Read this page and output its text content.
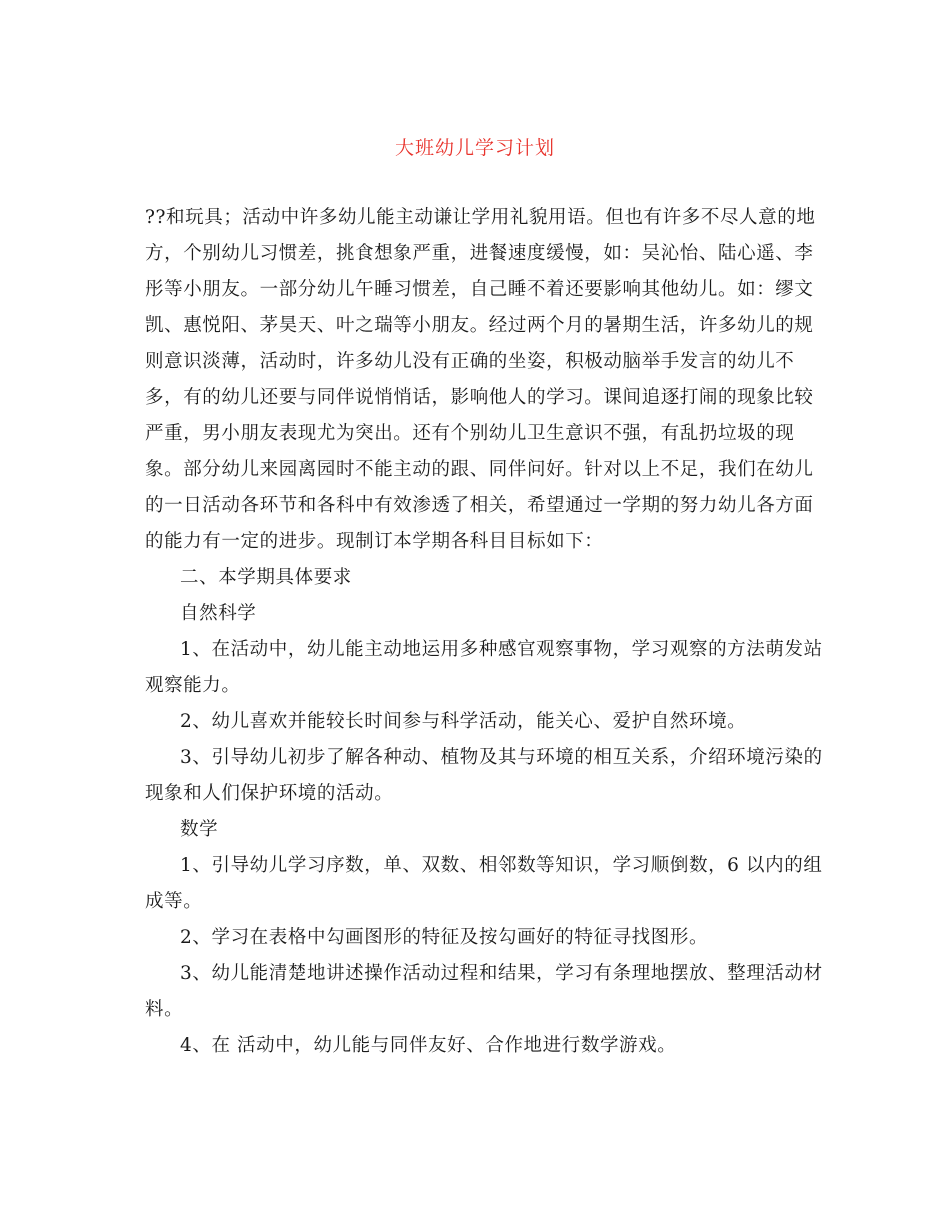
大班幼儿学习计划
??和玩具；活动中许多幼儿能主动谦让学用礼貌用语。但也有许多不尽人意的地
方，个别幼儿习惯差，挑食想象严重，进餐速度缓慢，如：吴沁怡、陆心遥、李
彤等小朋友。一部分幼儿午睡习惯差，自己睡不着还要影响其他幼儿。如：缪文
凯、惠悦阳、茅昊天、叶之瑞等小朋友。经过两个月的暑期生活，许多幼儿的规
则意识淡薄，活动时，许多幼儿没有正确的坐姿，积极动脑举手发言的幼儿不
多，有的幼儿还要与同伴说悄悄话，影响他人的学习。课间追逐打闹的现象比较
严重，男小朋友表现尤为突出。还有个别幼儿卫生意识不强，有乱扔垃圾的现
象。部分幼儿来园离园时不能主动的跟、同伴问好。针对以上不足，我们在幼儿
的一日活动各环节和各科中有效渗透了相关，希望通过一学期的努力幼儿各方面
的能力有一定的进步。现制订本学期各科目目标如下：
二、本学期具体要求
自然科学
1、在活动中，幼儿能主动地运用多种感官观察事物，学习观察的方法萌发站
观察能力。
2、幼儿喜欢并能较长时间参与科学活动，能关心、爱护自然环境。
3、引导幼儿初步了解各种动、植物及其与环境的相互关系，介绍环境污染的
现象和人们保护环境的活动。
数学
1、引导幼儿学习序数，单、双数、相邻数等知识，学习顺倒数，6 以内的组
成等。
2、学习在表格中勾画图形的特征及按勾画好的特征寻找图形。
3、幼儿能清楚地讲述操作活动过程和结果，学习有条理地摆放、整理活动材
料。
4、在 活动中，幼儿能与同伴友好、合作地进行数学游戏。
